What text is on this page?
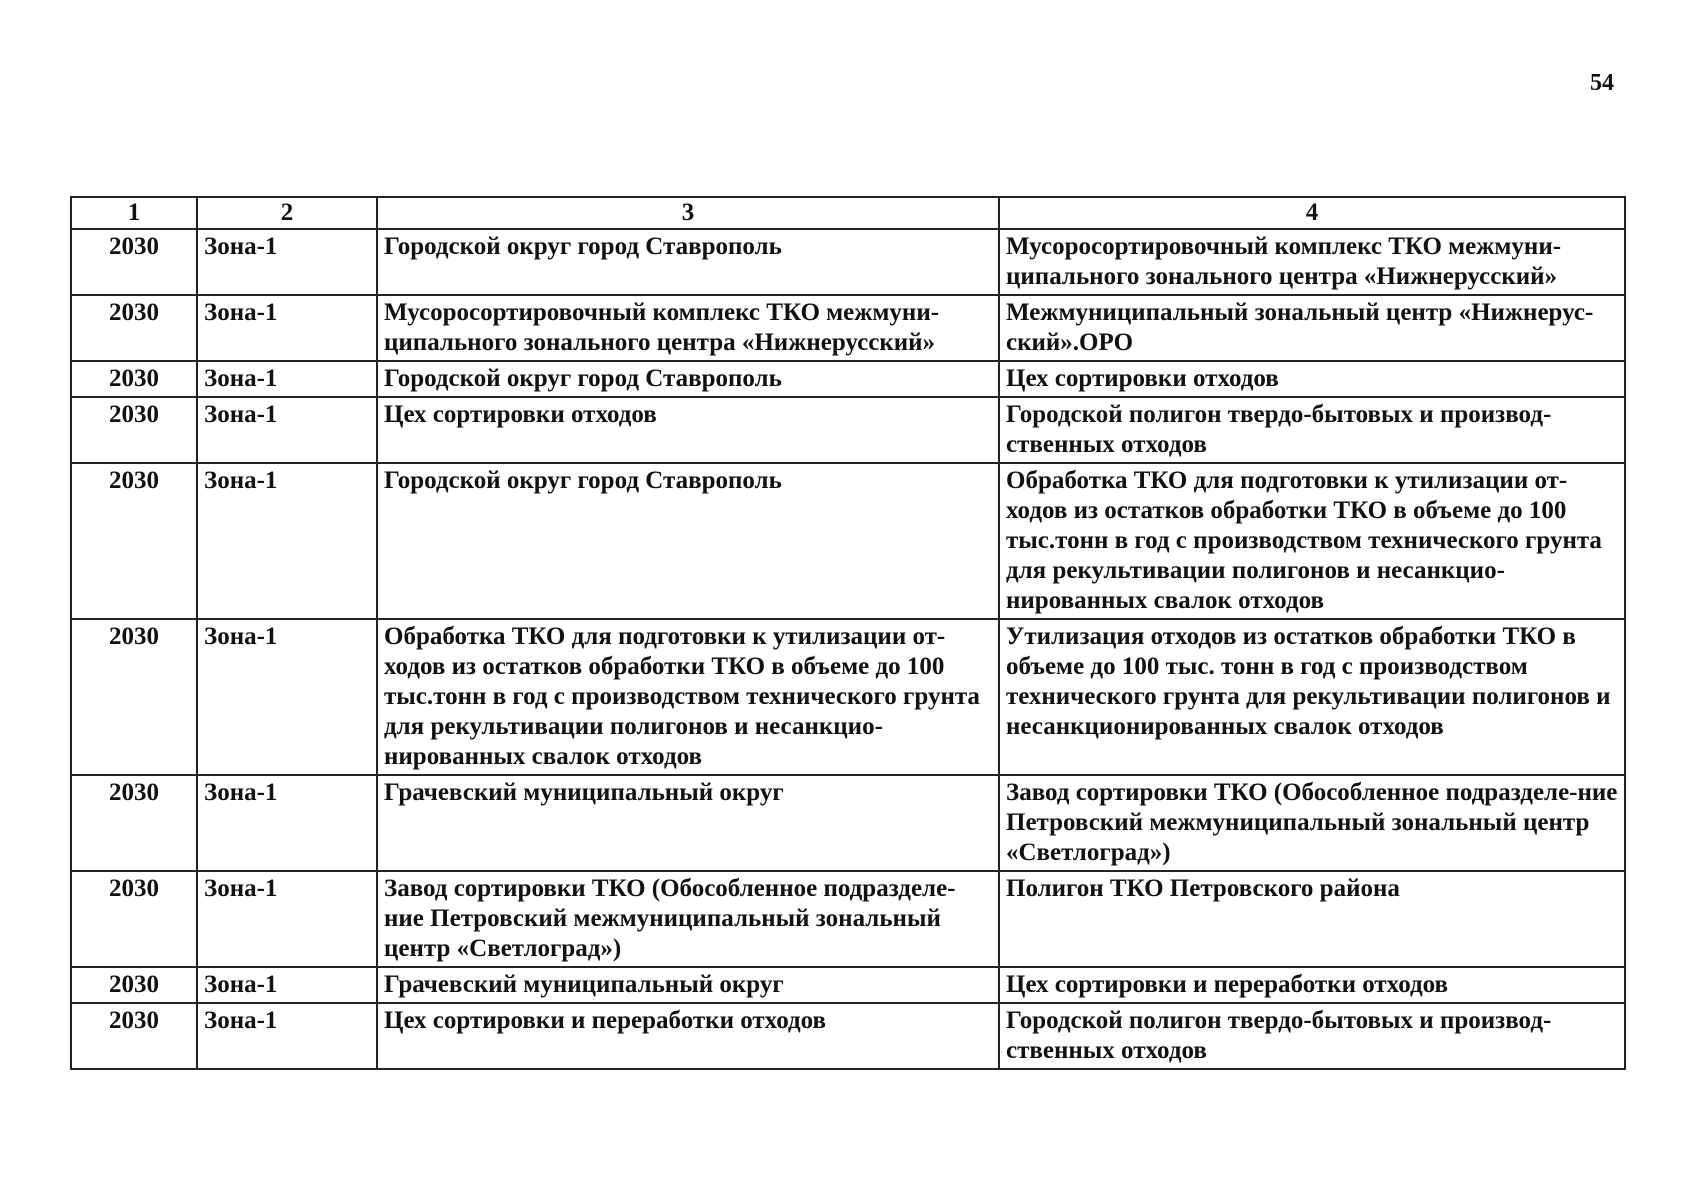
54
1	2	3	4
2030	Зона-1	Городской округ город Ставрополь	Мусоросортировочный комплекс ТКО межмуни-ципального зонального центра «Нижнерусский»
2030	Зона-1	Мусоросортировочный комплекс ТКО межмуни-ципального зонального центра «Нижнерусский»	Межмуниципальный зональный центр «Нижнерус-ский».ОРО
2030	Зона-1	Городской округ город Ставрополь	Цех сортировки отходов
2030	Зона-1	Цех сортировки отходов	Городской полигон твердо-бытовых и производ-ственных отходов
2030	Зона-1	Городской округ город Ставрополь	Обработка ТКО для подготовки к утилизации от-ходов из остатков обработки ТКО в объеме до 100 тыс.тонн в год с производством технического грунта для рекультивации полигонов и несанкцио-нированных свалок отходов
2030	Зона-1	Обработка ТКО для подготовки к утилизации от-ходов из остатков обработки ТКО в объеме до 100 тыс.тонн в год с производством технического грунта для рекультивации полигонов и несанкцио-нированных свалок отходов	Утилизация отходов из остатков обработки ТКО в объеме до 100 тыс. тонн в год с производством технического грунта для рекультивации полигонов и несанкционированных свалок отходов
2030	Зона-1	Грачевский муниципальный округ	Завод сортировки ТКО (Обособленное подразделе-ние Петровский межмуниципальный зональный центр «Светлоград»)
2030	Зона-1	Завод сортировки ТКО (Обособленное подразделе-ние Петровский межмуниципальный зональный центр «Светлоград»)	Полигон ТКО Петровского района
2030	Зона-1	Грачевский муниципальный округ	Цех сортировки и переработки отходов
2030	Зона-1	Цех сортировки и переработки отходов	Городской полигон твердо-бытовых и производ-ственных отходов
